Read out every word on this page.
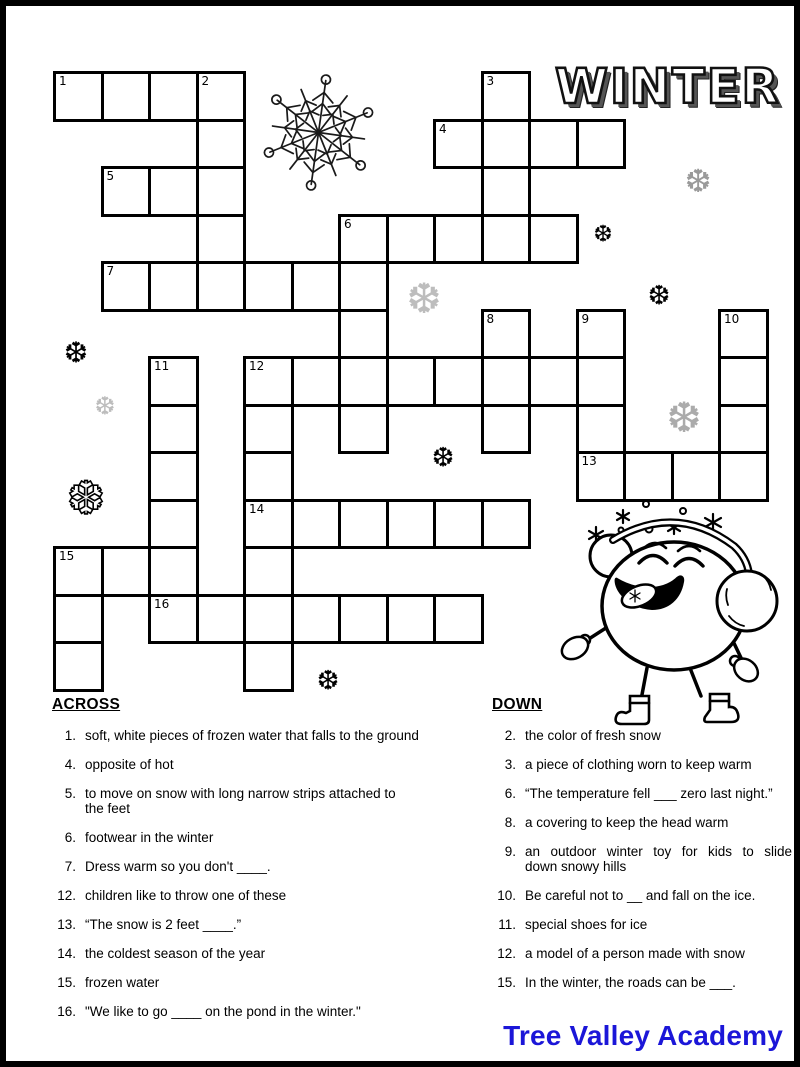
1	2	3
4
5
6
7
8	9	10
11	12
13
14
15
16
WINTER
ACROSS
1. soft, white pieces of frozen water that falls to the ground
4. opposite of hot
5. to move on snow with long narrow strips attached to
the feet
6. footwear in the winter
7. Dress warm so you don't ____.
12. children like to throw one of these
13. “The snow is 2 feet ____.”
14. the coldest season of the year
15. frozen water
16. "We like to go ____ on the pond in the winter."
DOWN
2. the color of fresh snow
3. a piece of clothing worn to keep warm
6. “The temperature fell ___ zero last night.”
8. a covering to keep the head warm
9. an outdoor winter toy for kids to slide
down snowy hills
10. Be careful not to __ and fall on the ice.
11. special shoes for ice
12. a model of a person made with snow
15. In the winter, the roads can be ___.
Tree Valley Academy
❆
❆
❆	❆
❆
❆	❆
❆
❆
❆
